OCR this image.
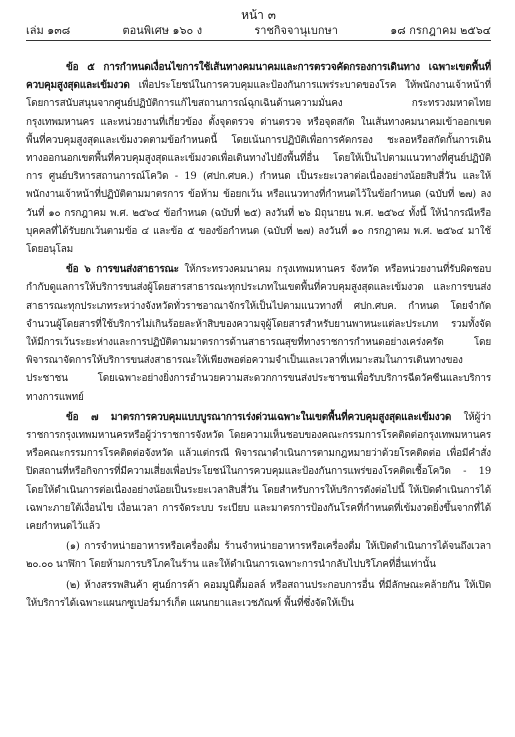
หน้า ๓
เล่ม ๑๓๘	ตอนพิเศษ ๑๖๐ ง	ราชกิจจานุเบกษา	๑๘ กรกฎาคม ๒๕๖๔

ข้อ ๕ การกำหนดเงื่อนไขการใช้เส้นทางคมนาคมและการตรวจคัดกรองการเดินทาง เฉพาะเขตพื้นที่ควบคุมสูงสุดและเข้มงวด เพื่อประโยชน์ในการควบคุมและป้องกันการแพร่ระบาดของโรค ให้พนักงานเจ้าหน้าที่โดยการสนับสนุนจากศูนย์ปฏิบัติการแก้ไขสถานการณ์ฉุกเฉินด้านความมั่นคง กระทรวงมหาดไทย กรุงเทพมหานคร และหน่วยงานที่เกี่ยวข้อง ตั้งจุดตรวจ ด่านตรวจ หรือจุดสกัด ในเส้นทางคมนาคมเข้าออกเขตพื้นที่ควบคุมสูงสุดและเข้มงวดตามข้อกำหนดนี้ โดยเน้นการปฏิบัติเพื่อการคัดกรอง ชะลอหรือสกัดกั้นการเดินทางออกนอกเขตพื้นที่ควบคุมสูงสุดและเข้มงวดเพื่อเดินทางไปยังพื้นที่อื่น โดยให้เป็นไปตามแนวทางที่ศูนย์ปฏิบัติการ ศูนย์บริหารสถานการณ์โควิด - 19 (ศปก.ศบค.) กำหนด เป็นระยะเวลาต่อเนื่องอย่างน้อยสิบสี่วัน และให้พนักงานเจ้าหน้าที่ปฏิบัติตามมาตรการ ข้อห้าม ข้อยกเว้น หรือแนวทางที่กำหนดไว้ในข้อกำหนด (ฉบับที่ ๒๗) ลงวันที่ ๑๐ กรกฎาคม พ.ศ. ๒๕๖๔ ข้อกำหนด (ฉบับที่ ๒๕) ลงวันที่ ๒๖ มิถุนายน พ.ศ. ๒๕๖๔ ทั้งนี้ ให้นำกรณีหรือบุคคลที่ได้รับยกเว้นตามข้อ ๔ และข้อ ๕ ของข้อกำหนด (ฉบับที่ ๒๗) ลงวันที่ ๑๐ กรกฎาคม พ.ศ. ๒๕๖๔ มาใช้โดยอนุโลม

ข้อ ๖ การขนส่งสาธารณะ ให้กระทรวงคมนาคม กรุงเทพมหานคร จังหวัด หรือหน่วยงานที่รับผิดชอบกำกับดูแลการให้บริการขนส่งผู้โดยสารสาธารณะทุกประเภทในเขตพื้นที่ควบคุมสูงสุดและเข้มงวด และการขนส่งสาธารณะทุกประเภทระหว่างจังหวัดทั่วราชอาณาจักรให้เป็นไปตามแนวทางที่ ศปก.ศบค. กำหนด โดยจำกัดจำนวนผู้โดยสารที่ใช้บริการไม่เกินร้อยละห้าสิบของความจุผู้โดยสารสำหรับยานพาหนะแต่ละประเภท รวมทั้งจัดให้มีการเว้นระยะห่างและการปฏิบัติตามมาตรการด้านสาธารณสุขที่ทางราชการกำหนดอย่างเคร่งครัด โดยพิจารณาจัดการให้บริการขนส่งสาธารณะให้เพียงพอต่อความจำเป็นและเวลาที่เหมาะสมในการเดินทางของประชาชน โดยเฉพาะอย่างยิ่งการอำนวยความสะดวกการขนส่งประชาชนเพื่อรับบริการฉีดวัคซีนและบริการทางการแพทย์

ข้อ ๗ มาตรการควบคุมแบบบูรณาการเร่งด่วนเฉพาะในเขตพื้นที่ควบคุมสูงสุดและเข้มงวด ให้ผู้ว่าราชการกรุงเทพมหานครหรือผู้ว่าราชการจังหวัด โดยความเห็นชอบของคณะกรรมการโรคติดต่อกรุงเทพมหานครหรือคณะกรรมการโรคติดต่อจังหวัด แล้วแต่กรณี พิจารณาดำเนินการตามกฎหมายว่าด้วยโรคติดต่อ เพื่อมีคำสั่งปิดสถานที่หรือกิจการที่มีความเสี่ยงเพื่อประโยชน์ในการควบคุมและป้องกันการแพร่ของโรคติดเชื้อโควิด - 19 โดยให้ดำเนินการต่อเนื่องอย่างน้อยเป็นระยะเวลาสิบสี่วัน โดยสำหรับการให้บริการดังต่อไปนี้ ให้เปิดดำเนินการได้เฉพาะภายใต้เงื่อนไข เงื่อนเวลา การจัดระบบ ระเบียบ และมาตรการป้องกันโรคที่กำหนดที่เข้มงวดยิ่งขึ้นจากที่ได้เคยกำหนดไว้แล้ว

(๑) การจำหน่ายอาหารหรือเครื่องดื่ม ร้านจำหน่ายอาหารหรือเครื่องดื่ม ให้เปิดดำเนินการได้จนถึงเวลา ๒๐.๐๐ นาฬิกา โดยห้ามการบริโภคในร้าน และให้ดำเนินการเฉพาะการนำกลับไปบริโภคที่อื่นเท่านั้น

(๒) ห้างสรรพสินค้า ศูนย์การค้า คอมมูนิตี้มอลล์ หรือสถานประกอบการอื่น ที่มีลักษณะคล้ายกัน ให้เปิดให้บริการได้เฉพาะแผนกซูเปอร์มาร์เก็ต แผนกยาและเวชภัณฑ์ พื้นที่ซึ่งจัดให้เป็น
